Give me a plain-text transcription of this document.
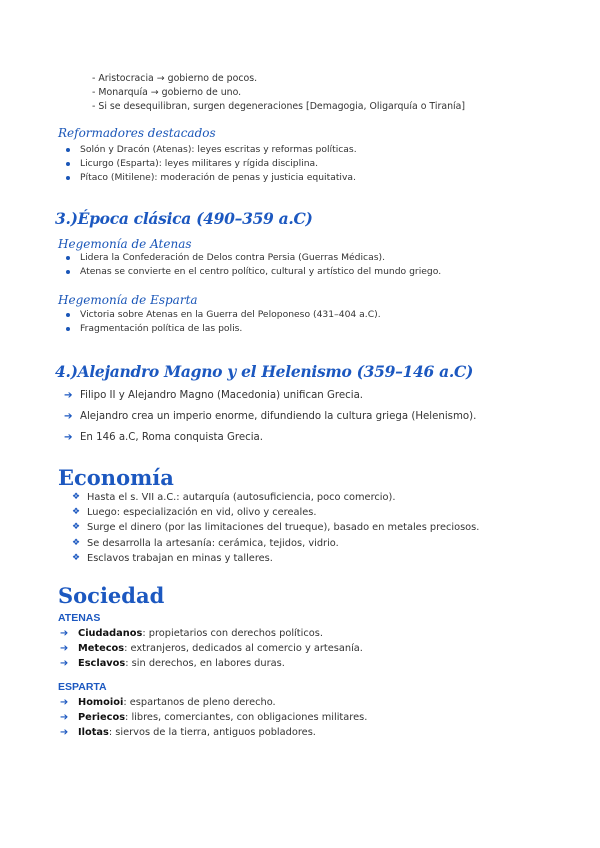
- Aristocracia → gobierno de pocos.
- Monarquía → gobierno de uno.
- Si se desequilibran, surgen degeneraciones [Demagogia, Oligarquía o Tiranía]
Reformadores destacados
Solón y Dracón (Atenas): leyes escritas y reformas políticas.
Licurgo (Esparta): leyes militares y rígida disciplina.
Pítaco (Mitilene): moderación de penas y justicia equitativa.
3.)Época clásica (490–359 a.C)
Hegemonía de Atenas
Lidera la Confederación de Delos contra Persia (Guerras Médicas).
Atenas se convierte en el centro político, cultural y artístico del mundo griego.
Hegemonía de Esparta
Victoria sobre Atenas en la Guerra del Peloponeso (431–404 a.C).
Fragmentación política de las polis.
4.)Alejandro Magno y el Helenismo (359–146 a.C)
➔ Filipo II y Alejandro Magno (Macedonia) unifican Grecia.
➔ Alejandro crea un imperio enorme, difundiendo la cultura griega (Helenismo).
➔ En 146 a.C, Roma conquista Grecia.
Economía
❖ Hasta el s. VII a.C.: autarquía (autosuficiencia, poco comercio).
❖ Luego: especialización en vid, olivo y cereales.
❖ Surge el dinero (por las limitaciones del trueque), basado en metales preciosos.
❖ Se desarrolla la artesanía: cerámica, tejidos, vidrio.
❖ Esclavos trabajan en minas y talleres.
Sociedad
ATENAS
➔ Ciudadanos: propietarios con derechos políticos.
➔ Metecos: extranjeros, dedicados al comercio y artesanía.
➔ Esclavos: sin derechos, en labores duras.
ESPARTA
➔ Homoioi: espartanos de pleno derecho.
➔ Periecos: libres, comerciantes, con obligaciones militares.
➔ Ilotas: siervos de la tierra, antiguos pobladores.
